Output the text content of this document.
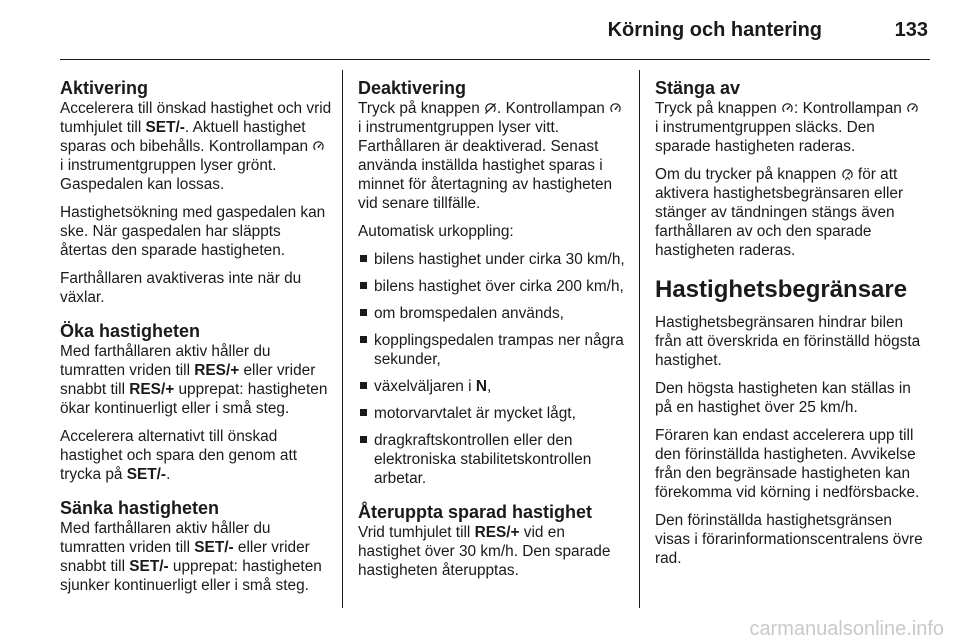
Körning och hantering	133
Aktivering

Accelerera till önskad hastighet och vrid tumhjulet till SET/-. Aktuell hastighet sparas och bibehålls. Kontrollampan  i instrumentgruppen lyser grönt. Gaspedalen kan lossas.

Hastighetsökning med gaspedalen kan ske. När gaspedalen har släppts återtas den sparade hastigheten.

Farthållaren avaktiveras inte när du växlar.

Öka hastigheten

Med farthållaren aktiv håller du tumratten vriden till RES/+ eller vrider snabbt till RES/+ upprepat: hastigheten ökar kontinuerligt eller i små steg.

Accelerera alternativt till önskad hastighet och spara den genom att trycka på SET/-.

Sänka hastigheten

Med farthållaren aktiv håller du tumratten vriden till SET/- eller vrider snabbt till SET/- upprepat: hastigheten sjunker kontinuerligt eller i små steg.

Deaktivering

Tryck på knappen . Kontrollampan  i instrumentgruppen lyser vitt. Farthållaren är deaktiverad. Senast använda inställda hastighet sparas i minnet för återtagning av hastigheten vid senare tillfälle.

Automatisk urkoppling:

bilens hastighet under cirka 30 km/h,
bilens hastighet över cirka 200 km/h,
om bromspedalen används,
kopplingspedalen trampas ner några sekunder,
växelväljaren i N,
motorvarvtalet är mycket lågt,
dragkraftskontrollen eller den elektroniska stabilitetskontrollen arbetar.
Återuppta sparad hastighet

Vrid tumhjulet till RES/+ vid en hastighet över 30 km/h. Den sparade hastigheten återupptas.

Stänga av

Tryck på knappen : Kontrollampan  i instrumentgruppen släcks. Den sparade hastigheten raderas.

Om du trycker på knappen  för att aktivera hastighetsbegränsaren eller stänger av tändningen stängs även farthållaren av och den sparade hastigheten raderas.

Hastighetsbegränsare

Hastighetsbegränsaren hindrar bilen från att överskrida en förinställd högsta hastighet.

Den högsta hastigheten kan ställas in på en hastighet över 25 km/h.

Föraren kan endast accelerera upp till den förinställda hastigheten. Avvikelse från den begränsade hastigheten kan förekomma vid körning i nedförsbacke.

Den förinställda hastighetsgränsen visas i förarinformationscentralens övre rad.

carmanualsonline.info
